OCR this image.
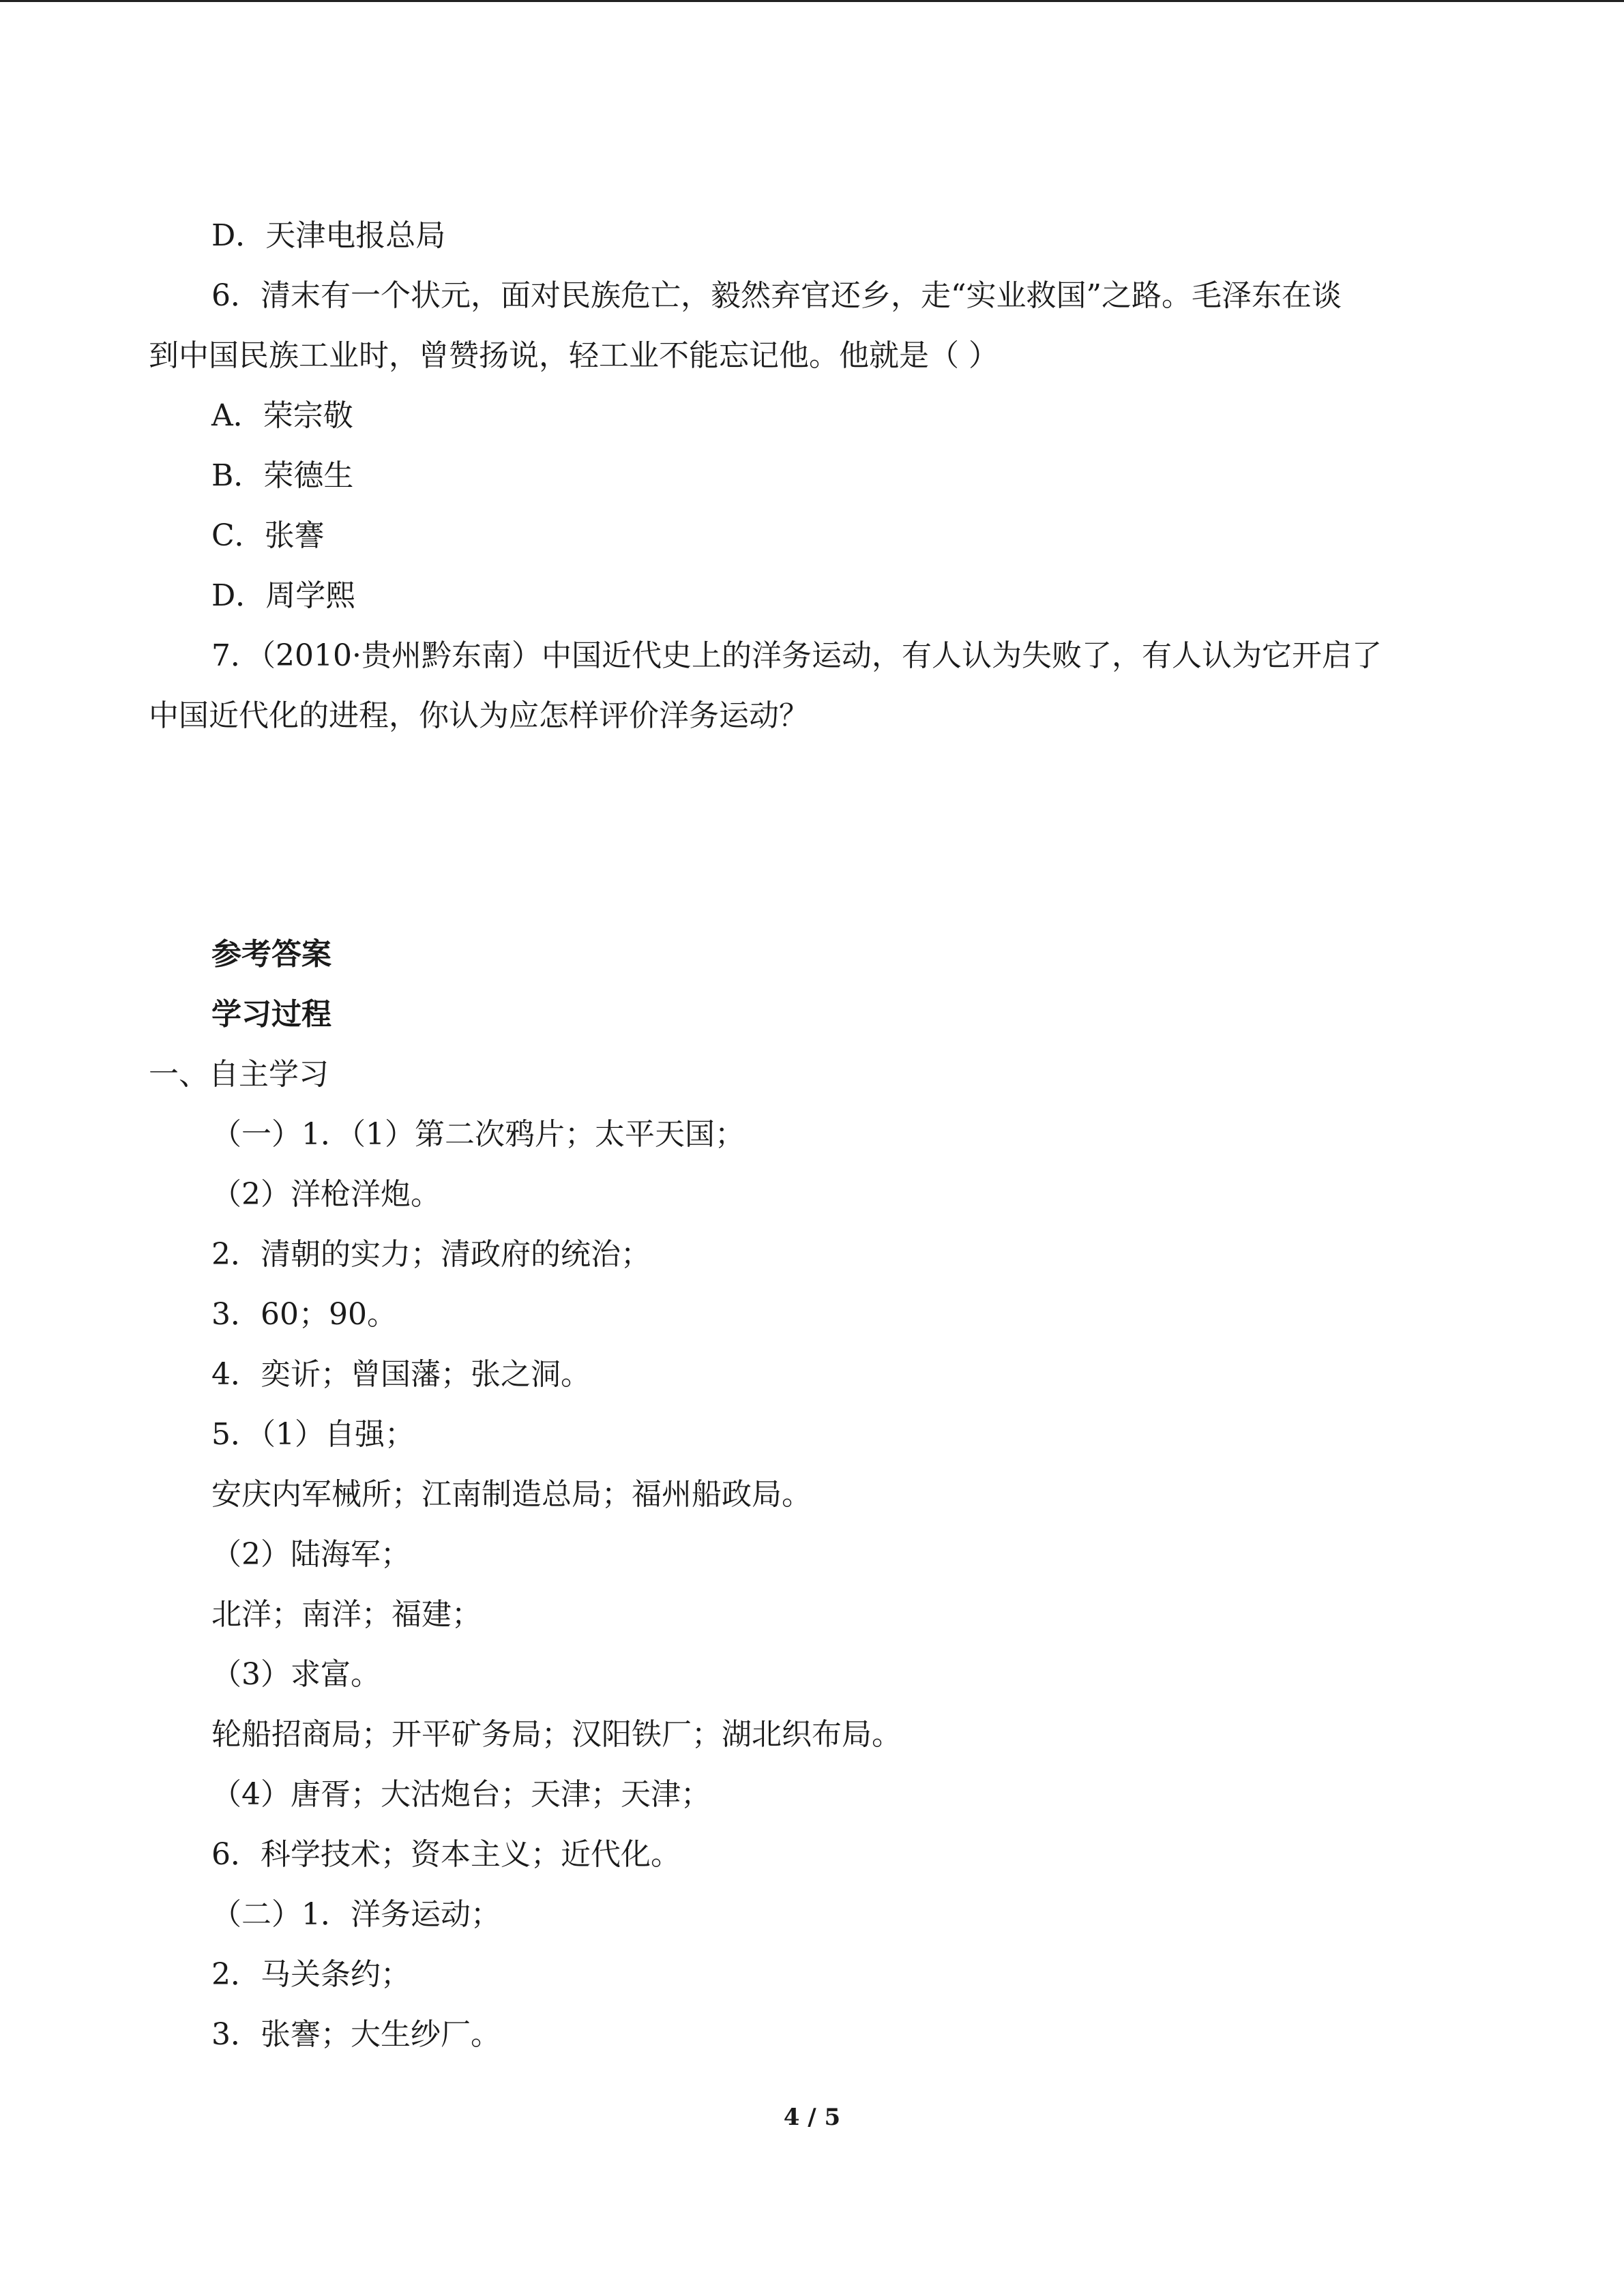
D．天津电报总局
6．清末有一个状元，面对民族危亡，毅然弃官还乡，走“实业救国”之路。毛泽东在谈
到中国民族工业时，曾赞扬说，轻工业不能忘记他。他就是（ ）
A．荣宗敬
B．荣德生
C．张謇
D．周学熙
7．（2010·贵州黔东南）中国近代史上的洋务运动，有人认为失败了，有人认为它开启了
中国近代化的进程，你认为应怎样评价洋务运动？
参考答案
学习过程
一、自主学习
（一）1．（1）第二次鸦片；太平天国；
（2）洋枪洋炮。
2．清朝的实力；清政府的统治；
3．60；90。
4．奕䜣；曾国藩；张之洞。
5．（1）自强；
安庆内军械所；江南制造总局；福州船政局。
（2）陆海军；
北洋；南洋；福建；
（3）求富。
轮船招商局；开平矿务局；汉阳铁厂；湖北织布局。
（4）唐胥；大沽炮台；天津；天津；
6．科学技术；资本主义；近代化。
（二）1．洋务运动；
2．马关条约；
3．张謇；大生纱厂。
4 / 5
